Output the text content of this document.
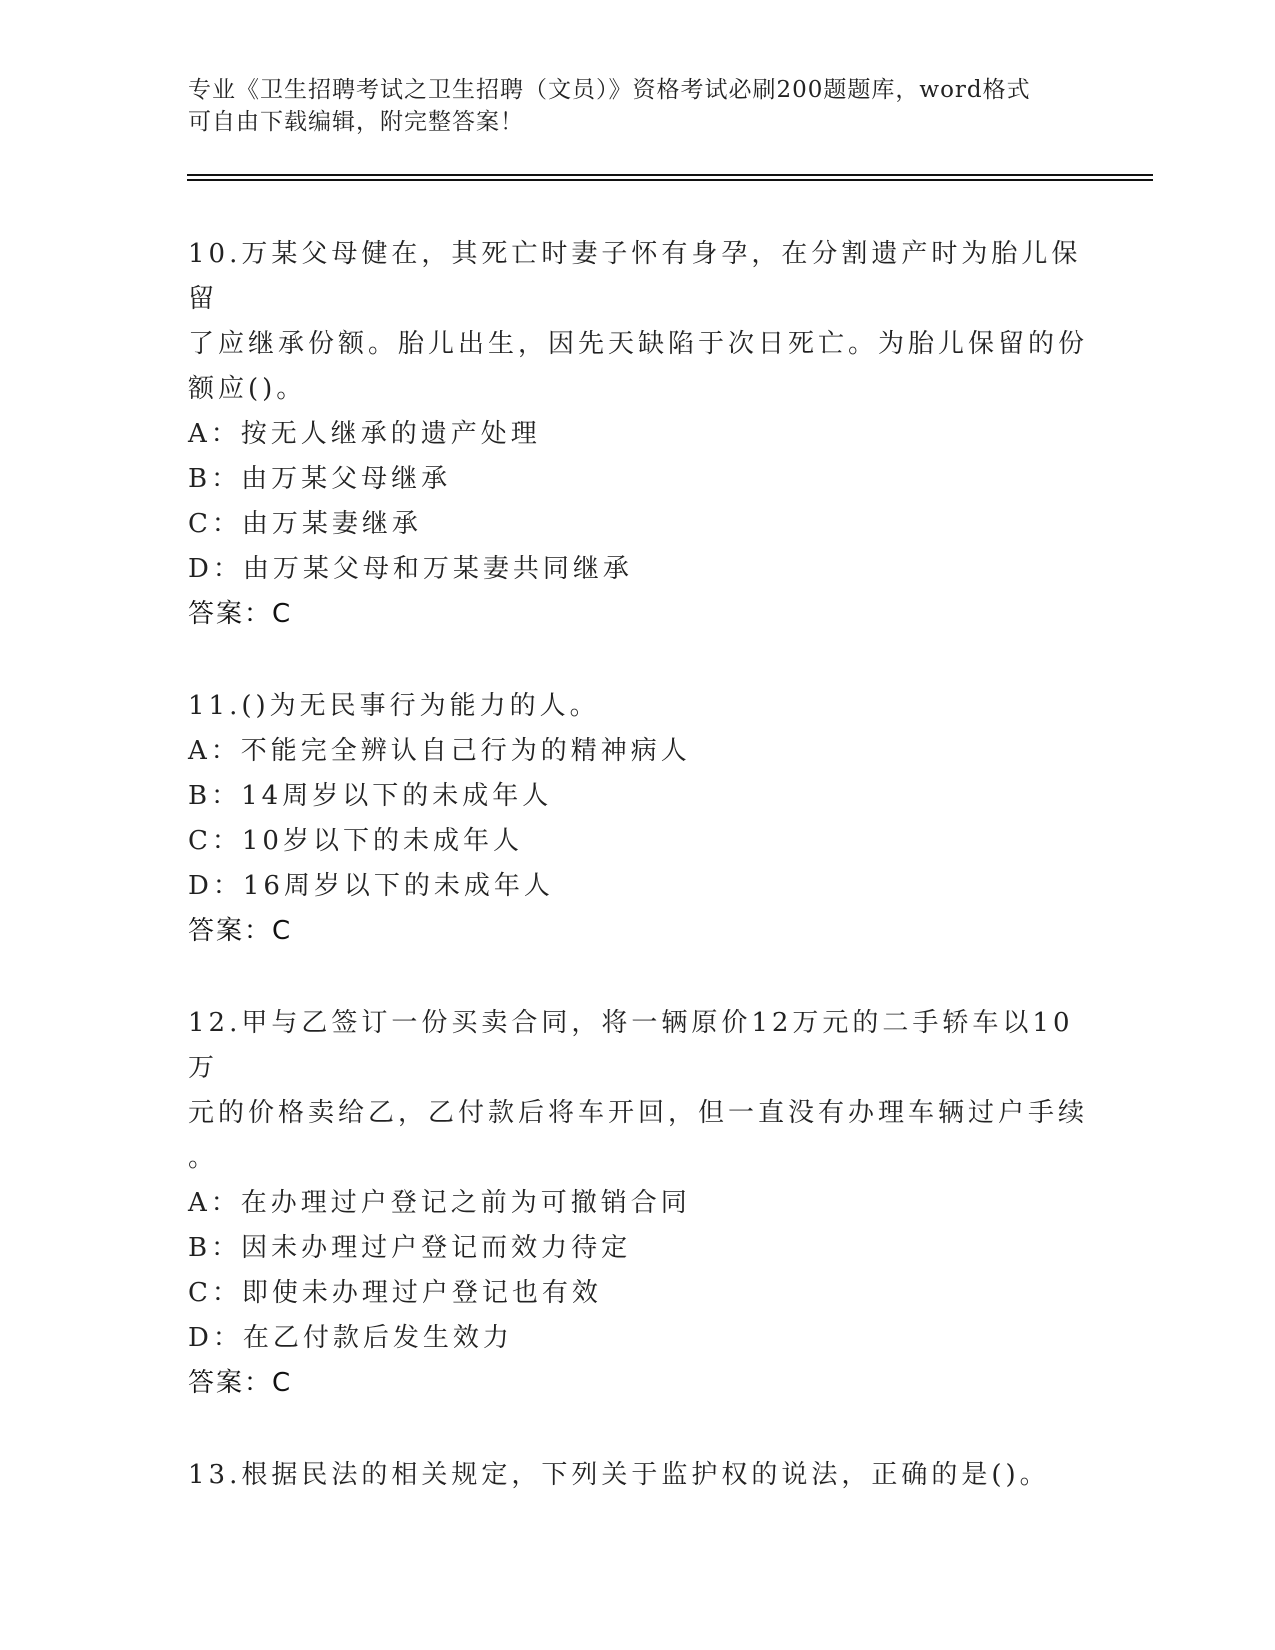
专业《卫生招聘考试之卫生招聘（文员）》资格考试必刷200题题库，word格式
可自由下载编辑，附完整答案！
10.万某父母健在，其死亡时妻子怀有身孕，在分割遗产时为胎儿保留
了应继承份额。胎儿出生，因先天缺陷于次日死亡。为胎儿保留的份
额应()。
A：按无人继承的遗产处理
B：由万某父母继承
C：由万某妻继承
D：由万某父母和万某妻共同继承
答案：C
11.()为无民事行为能力的人。
A：不能完全辨认自己行为的精神病人
B：14周岁以下的未成年人
C：10岁以下的未成年人
D：16周岁以下的未成年人
答案：C
12.甲与乙签订一份买卖合同，将一辆原价12万元的二手轿车以10万
元的价格卖给乙，乙付款后将车开回，但一直没有办理车辆过户手续
。
A：在办理过户登记之前为可撤销合同
B：因未办理过户登记而效力待定
C：即使未办理过户登记也有效
D：在乙付款后发生效力
答案：C
13.根据民法的相关规定，下列关于监护权的说法，正确的是()。
